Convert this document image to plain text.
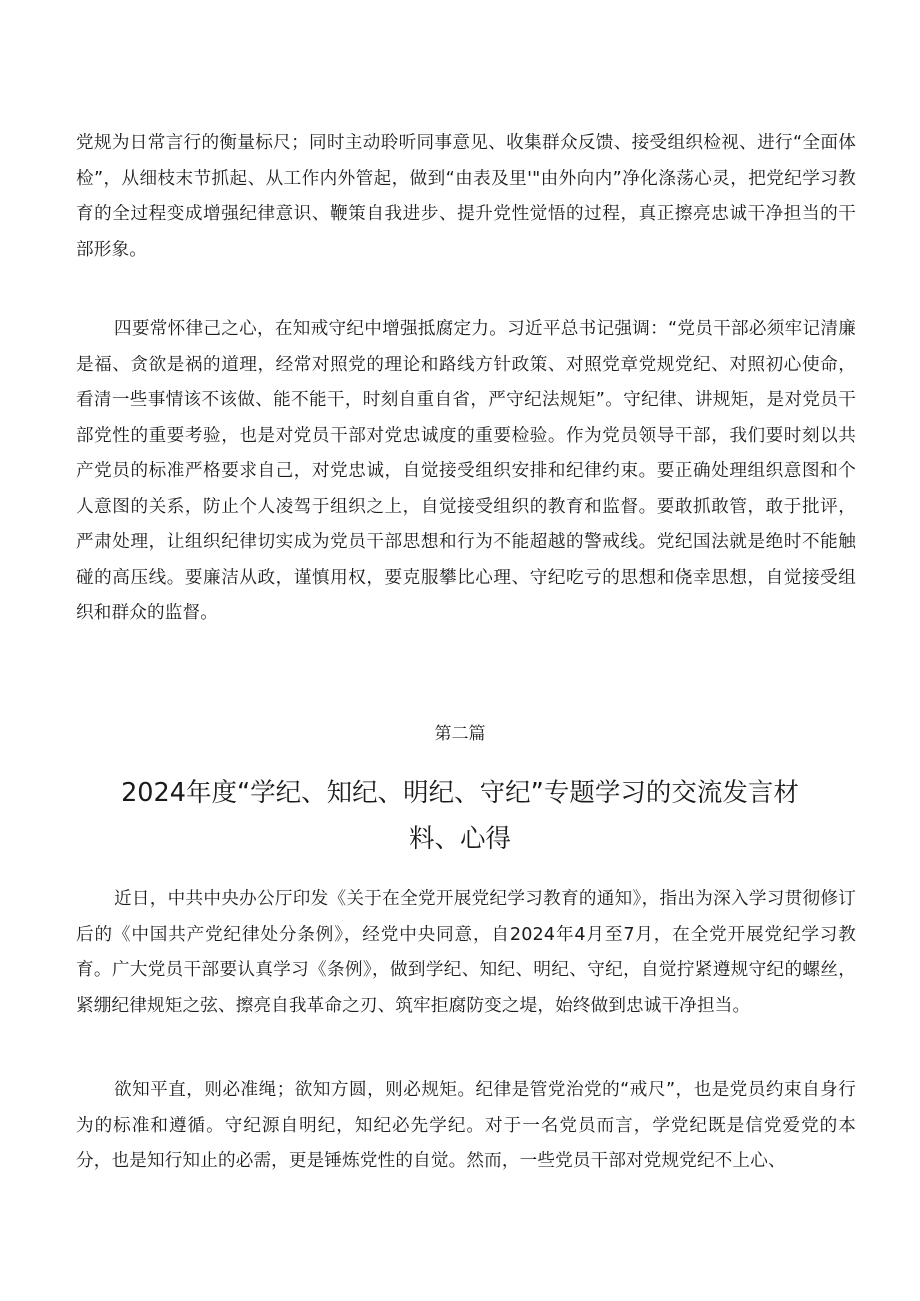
党规为日常言行的衡量标尺；同时主动聆听同事意见、收集群众反馈、接受组织检视、进行“全面体检”，从细枝末节抓起、从工作内外管起，做到“由表及里'"由外向内”净化涤荡心灵，把党纪学习教育的全过程变成增强纪律意识、鞭策自我进步、提升党性觉悟的过程，真正擦亮忠诚干净担当的干部形象。

四要常怀律己之心，在知戒守纪中增强抵腐定力。习近平总书记强调：“党员干部必须牢记清廉是福、贪欲是祸的道理，经常对照党的理论和路线方针政策、对照党章党规党纪、对照初心使命，看清一些事情该不该做、能不能干，时刻自重自省，严守纪法规矩”。守纪律、讲规矩，是对党员干部党性的重要考验，也是对党员干部对党忠诚度的重要检验。作为党员领导干部，我们要时刻以共产党员的标准严格要求自己，对党忠诚，自觉接受组织安排和纪律约束。要正确处理组织意图和个人意图的关系，防止个人凌驾于组织之上，自觉接受组织的教育和监督。要敢抓敢管，敢于批评，严肃处理，让组织纪律切实成为党员干部思想和行为不能超越的警戒线。党纪国法就是绝时不能触碰的高压线。要廉洁从政，谨慎用权，要克服攀比心理、守纪吃亏的思想和侥幸思想，自觉接受组织和群众的监督。

第二篇
2024年度“学纪、知纪、明纪、守纪”专题学习的交流发言材料、心得

近日，中共中央办公厅印发《关于在全党开展党纪学习教育的通知》，指出为深入学习贯彻修订后的《中国共产党纪律处分条例》，经党中央同意，自2024年4月至7月，在全党开展党纪学习教育。广大党员干部要认真学习《条例》，做到学纪、知纪、明纪、守纪，自觉拧紧遵规守纪的螺丝，紧绷纪律规矩之弦、擦亮自我革命之刃、筑牢拒腐防变之堤，始终做到忠诚干净担当。

欲知平直，则必准绳；欲知方圆，则必规矩。纪律是管党治党的“戒尺”，也是党员约束自身行为的标准和遵循。守纪源自明纪，知纪必先学纪。对于一名党员而言，学党纪既是信党爱党的本分，也是知行知止的必需，更是锤炼党性的自觉。然而，一些党员干部对党规党纪不上心、
